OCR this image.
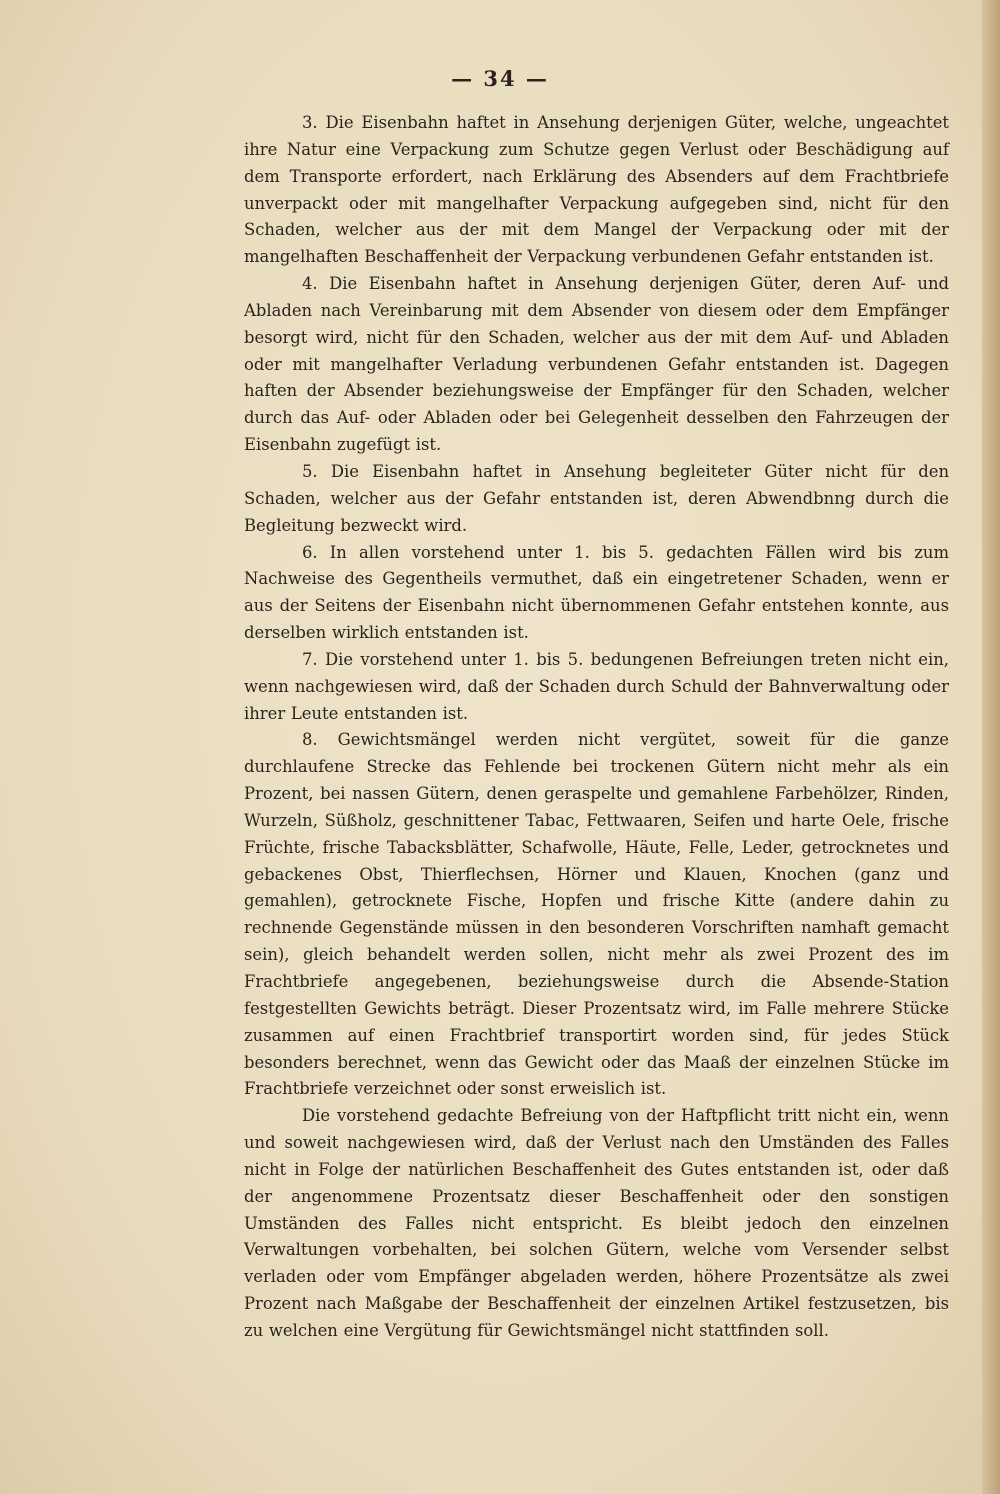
— 34 —

3. Die Eisenbahn haftet in Ansehung derjenigen Güter, welche, ungeachtet ihre Natur eine Verpackung zum Schutze gegen Verlust oder Beschädigung auf dem Transporte erfordert, nach Erklärung des Absenders auf dem Frachtbriefe unverpackt oder mit mangelhafter Verpackung aufgegeben sind, nicht für den Schaden, welcher aus der mit dem Mangel der Verpackung oder mit der mangelhaften Beschaffenheit der Verpackung verbundenen Gefahr entstanden ist.

4. Die Eisenbahn haftet in Ansehung derjenigen Güter, deren Auf- und Abladen nach Vereinbarung mit dem Absender von diesem oder dem Empfänger besorgt wird, nicht für den Schaden, welcher aus der mit dem Auf- und Abladen oder mit mangelhafter Verladung verbundenen Gefahr entstanden ist. Dagegen haften der Absender beziehungsweise der Empfänger für den Schaden, welcher durch das Auf- oder Abladen oder bei Gelegenheit desselben den Fahrzeugen der Eisenbahn zugefügt ist.

5. Die Eisenbahn haftet in Ansehung begleiteter Güter nicht für den Schaden, welcher aus der Gefahr entstanden ist, deren Abwendbnng durch die Begleitung bezweckt wird.

6. In allen vorstehend unter 1. bis 5. gedachten Fällen wird bis zum Nachweise des Gegentheils vermuthet, daß ein eingetretener Schaden, wenn er aus der Seitens der Eisenbahn nicht übernommenen Gefahr entstehen konnte, aus derselben wirklich entstanden ist.

7. Die vorstehend unter 1. bis 5. bedungenen Befreiungen treten nicht ein, wenn nachgewiesen wird, daß der Schaden durch Schuld der Bahnverwaltung oder ihrer Leute entstanden ist.

8. Gewichtsmängel werden nicht vergütet, soweit für die ganze durchlaufene Strecke das Fehlende bei trockenen Gütern nicht mehr als ein Prozent, bei nassen Gütern, denen geraspelte und gemahlene Farbehölzer, Rinden, Wurzeln, Süßholz, geschnittener Tabac, Fettwaaren, Seifen und harte Oele, frische Früchte, frische Tabacksblätter, Schafwolle, Häute, Felle, Leder, getrocknetes und gebackenes Obst, Thierflechsen, Hörner und Klauen, Knochen (ganz und gemahlen), getrocknete Fische, Hopfen und frische Kitte (andere dahin zu rechnende Gegenstände müssen in den besonderen Vorschriften namhaft gemacht sein), gleich behandelt werden sollen, nicht mehr als zwei Prozent des im Frachtbriefe angegebenen, beziehungsweise durch die Absende-Station festgestellten Gewichts beträgt. Dieser Prozentsatz wird, im Falle mehrere Stücke zusammen auf einen Frachtbrief transportirt worden sind, für jedes Stück besonders berechnet, wenn das Gewicht oder das Maaß der einzelnen Stücke im Frachtbriefe verzeichnet oder sonst erweislich ist.

Die vorstehend gedachte Befreiung von der Haftpflicht tritt nicht ein, wenn und soweit nachgewiesen wird, daß der Verlust nach den Umständen des Falles nicht in Folge der natürlichen Beschaffenheit des Gutes entstanden ist, oder daß der angenommene Prozentsatz dieser Beschaffenheit oder den sonstigen Umständen des Falles nicht entspricht. Es bleibt jedoch den einzelnen Verwaltungen vorbehalten, bei solchen Gütern, welche vom Versender selbst verladen oder vom Empfänger abgeladen werden, höhere Prozentsätze als zwei Prozent nach Maßgabe der Beschaffenheit der einzelnen Artikel festzusetzen, bis zu welchen eine Vergütung für Gewichtsmängel nicht stattfinden soll.
